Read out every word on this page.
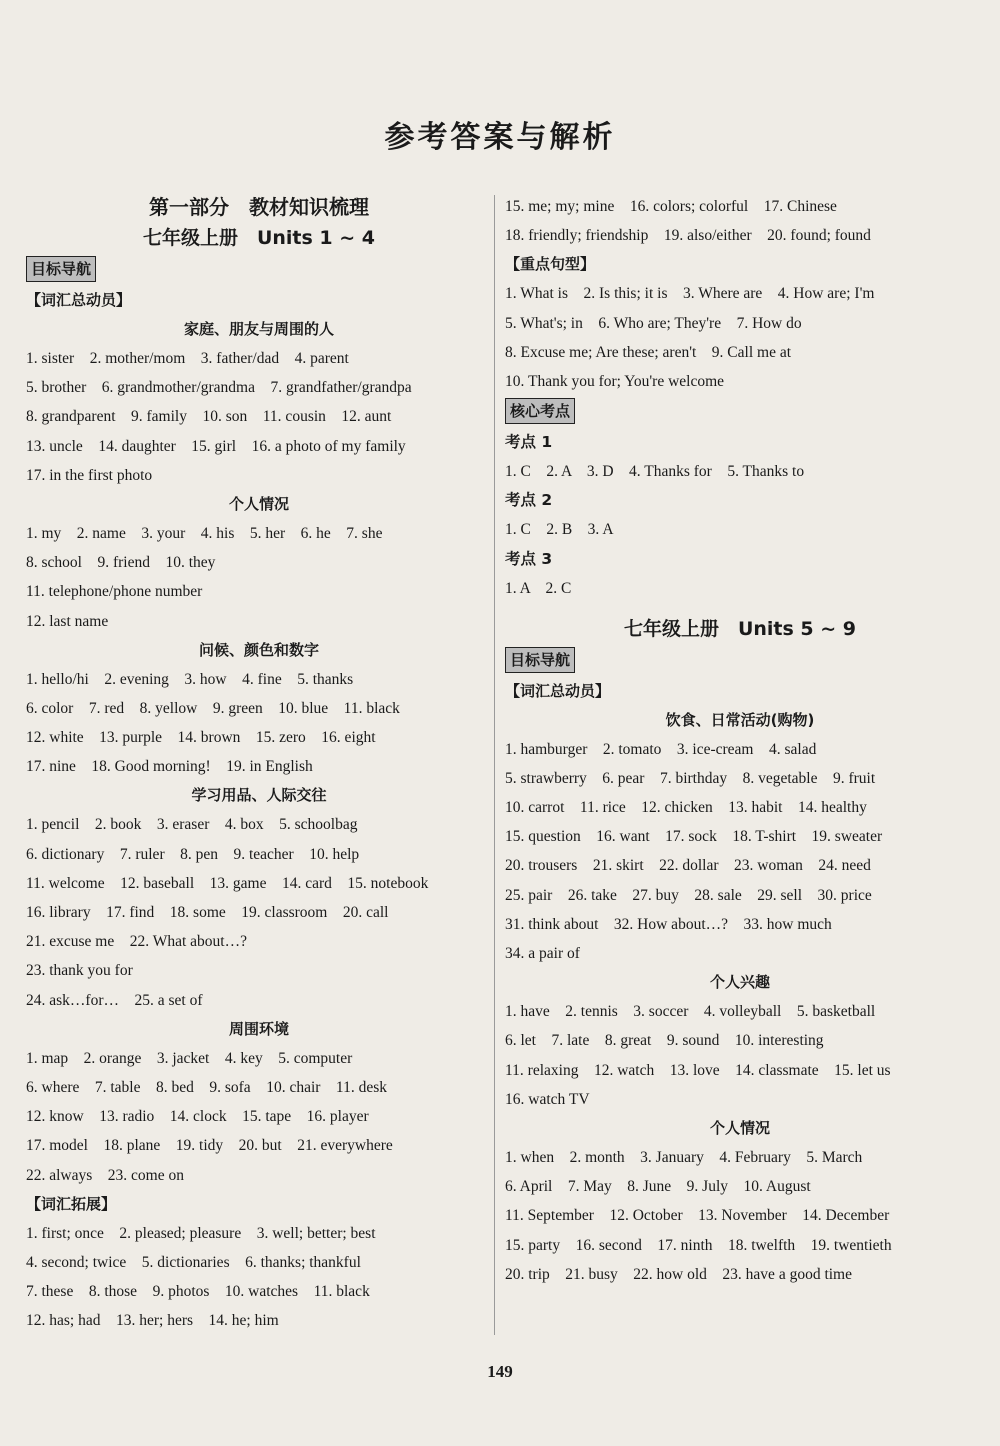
参考答案与解析
第一部分　教材知识梳理
七年级上册　Units 1 ~ 4
目标导航
【词汇总动员】
家庭、朋友与周围的人
1. sister　2. mother/mom　3. father/dad　4. parent
5. brother　6. grandmother/grandma　7. grandfather/grandpa
8. grandparent　9. family　10. son　11. cousin　12. aunt
13. uncle　14. daughter　15. girl　16. a photo of my family
17. in the first photo
个人情况
1. my　2. name　3. your　4. his　5. her　6. he　7. she
8. school　9. friend　10. they
11. telephone/phone number
12. last name
问候、颜色和数字
1. hello/hi　2. evening　3. how　4. fine　5. thanks
6. color　7. red　8. yellow　9. green　10. blue　11. black
12. white　13. purple　14. brown　15. zero　16. eight
17. nine　18. Good morning!　19. in English
学习用品、人际交往
1. pencil　2. book　3. eraser　4. box　5. schoolbag
6. dictionary　7. ruler　8. pen　9. teacher　10. help
11. welcome　12. baseball　13. game　14. card　15. notebook
16. library　17. find　18. some　19. classroom　20. call
21. excuse me　22. What about…?
23. thank you for
24. ask…for…　25. a set of
周围环境
1. map　2. orange　3. jacket　4. key　5. computer
6. where　7. table　8. bed　9. sofa　10. chair　11. desk
12. know　13. radio　14. clock　15. tape　16. player
17. model　18. plane　19. tidy　20. but　21. everywhere
22. always　23. come on
【词汇拓展】
1. first; once　2. pleased; pleasure　3. well; better; best
4. second; twice　5. dictionaries　6. thanks; thankful
7. these　8. those　9. photos　10. watches　11. black
12. has; had　13. her; hers　14. he; him
15. me; my; mine　16. colors; colorful　17. Chinese
18. friendly; friendship　19. also/either　20. found; found
【重点句型】
1. What is　2. Is this; it is　3. Where are　4. How are; I'm
5. What's; in　6. Who are; They're　7. How do
8. Excuse me; Are these; aren't　9. Call me at
10. Thank you for; You're welcome
核心考点
考点 1
1. C　2. A　3. D　4. Thanks for　5. Thanks to
考点 2
1. C　2. B　3. A
考点 3
1. A　2. C
七年级上册　Units 5 ~ 9
目标导航
【词汇总动员】
饮食、日常活动(购物)
1. hamburger　2. tomato　3. ice-cream　4. salad
5. strawberry　6. pear　7. birthday　8. vegetable　9. fruit
10. carrot　11. rice　12. chicken　13. habit　14. healthy
15. question　16. want　17. sock　18. T-shirt　19. sweater
20. trousers　21. skirt　22. dollar　23. woman　24. need
25. pair　26. take　27. buy　28. sale　29. sell　30. price
31. think about　32. How about…?　33. how much
34. a pair of
个人兴趣
1. have　2. tennis　3. soccer　4. volleyball　5. basketball
6. let　7. late　8. great　9. sound　10. interesting
11. relaxing　12. watch　13. love　14. classmate　15. let us
16. watch TV
个人情况
1. when　2. month　3. January　4. February　5. March
6. April　7. May　8. June　9. July　10. August
11. September　12. October　13. November　14. December
15. party　16. second　17. ninth　18. twelfth　19. twentieth
20. trip　21. busy　22. how old　23. have a good time
149
